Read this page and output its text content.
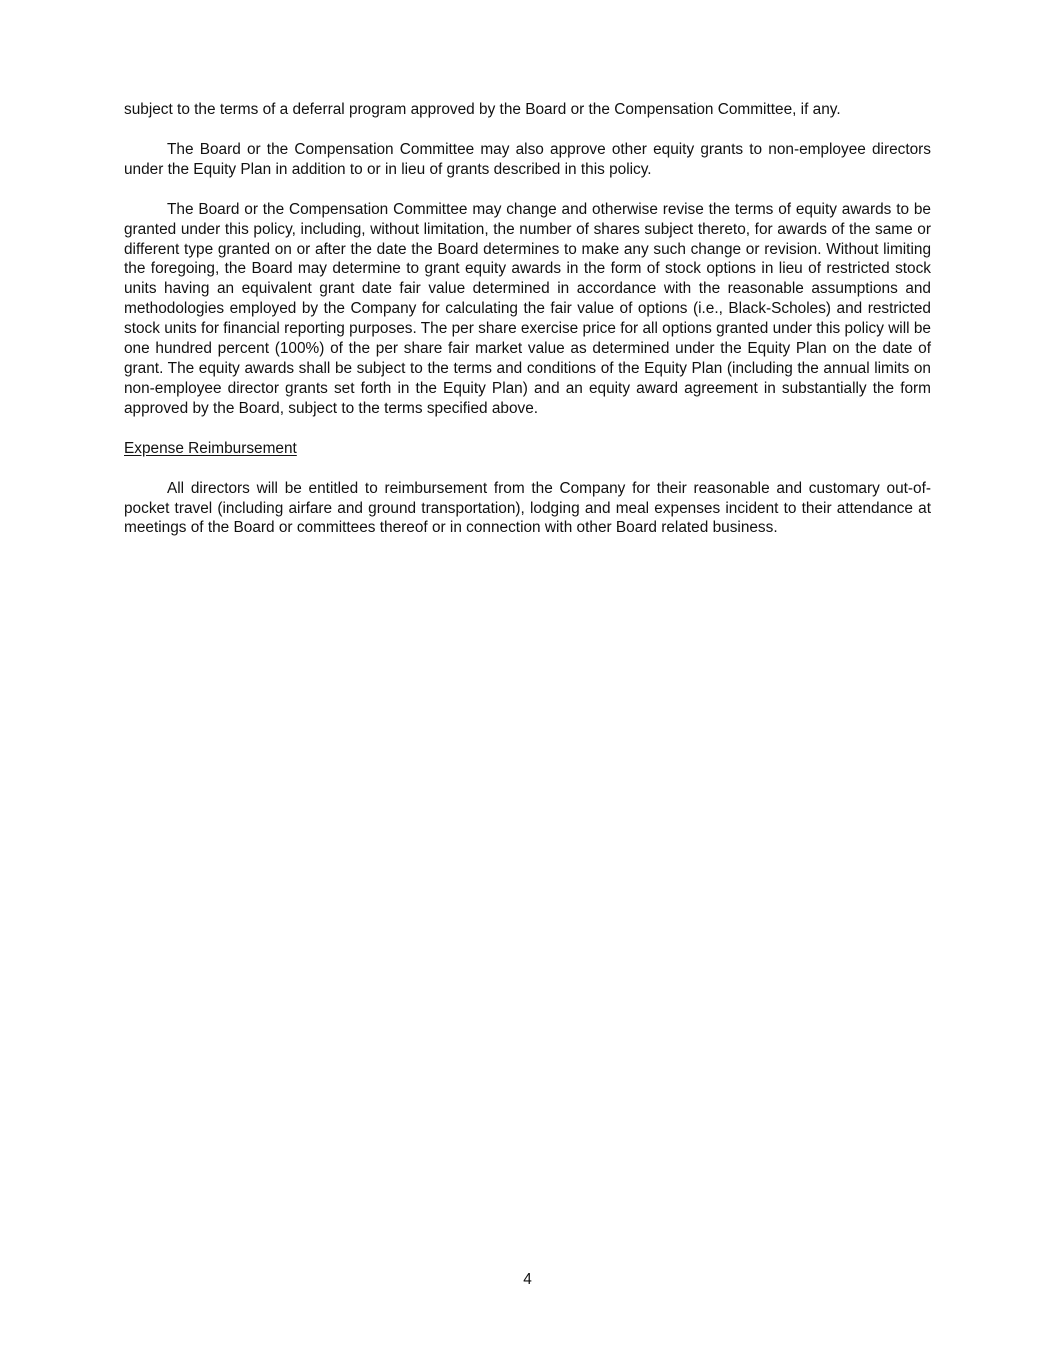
subject to the terms of a deferral program approved by the Board or the Compensation Committee, if any.

The Board or the Compensation Committee may also approve other equity grants to non-employee directors under the Equity Plan in addition to or in lieu of grants described in this policy.

The Board or the Compensation Committee may change and otherwise revise the terms of equity awards to be granted under this policy, including, without limitation, the number of shares subject thereto, for awards of the same or different type granted on or after the date the Board determines to make any such change or revision. Without limiting the foregoing, the Board may determine to grant equity awards in the form of stock options in lieu of restricted stock units having an equivalent grant date fair value determined in accordance with the reasonable assumptions and methodologies employed by the Company for calculating the fair value of options (i.e., Black-Scholes) and restricted stock units for financial reporting purposes. The per share exercise price for all options granted under this policy will be one hundred percent (100%) of the per share fair market value as determined under the Equity Plan on the date of grant. The equity awards shall be subject to the terms and conditions of the Equity Plan (including the annual limits on non-employee director grants set forth in the Equity Plan) and an equity award agreement in substantially the form approved by the Board, subject to the terms specified above.

Expense Reimbursement

All directors will be entitled to reimbursement from the Company for their reasonable and customary out-of-pocket travel (including airfare and ground transportation), lodging and meal expenses incident to their attendance at meetings of the Board or committees thereof or in connection with other Board related business.

4
